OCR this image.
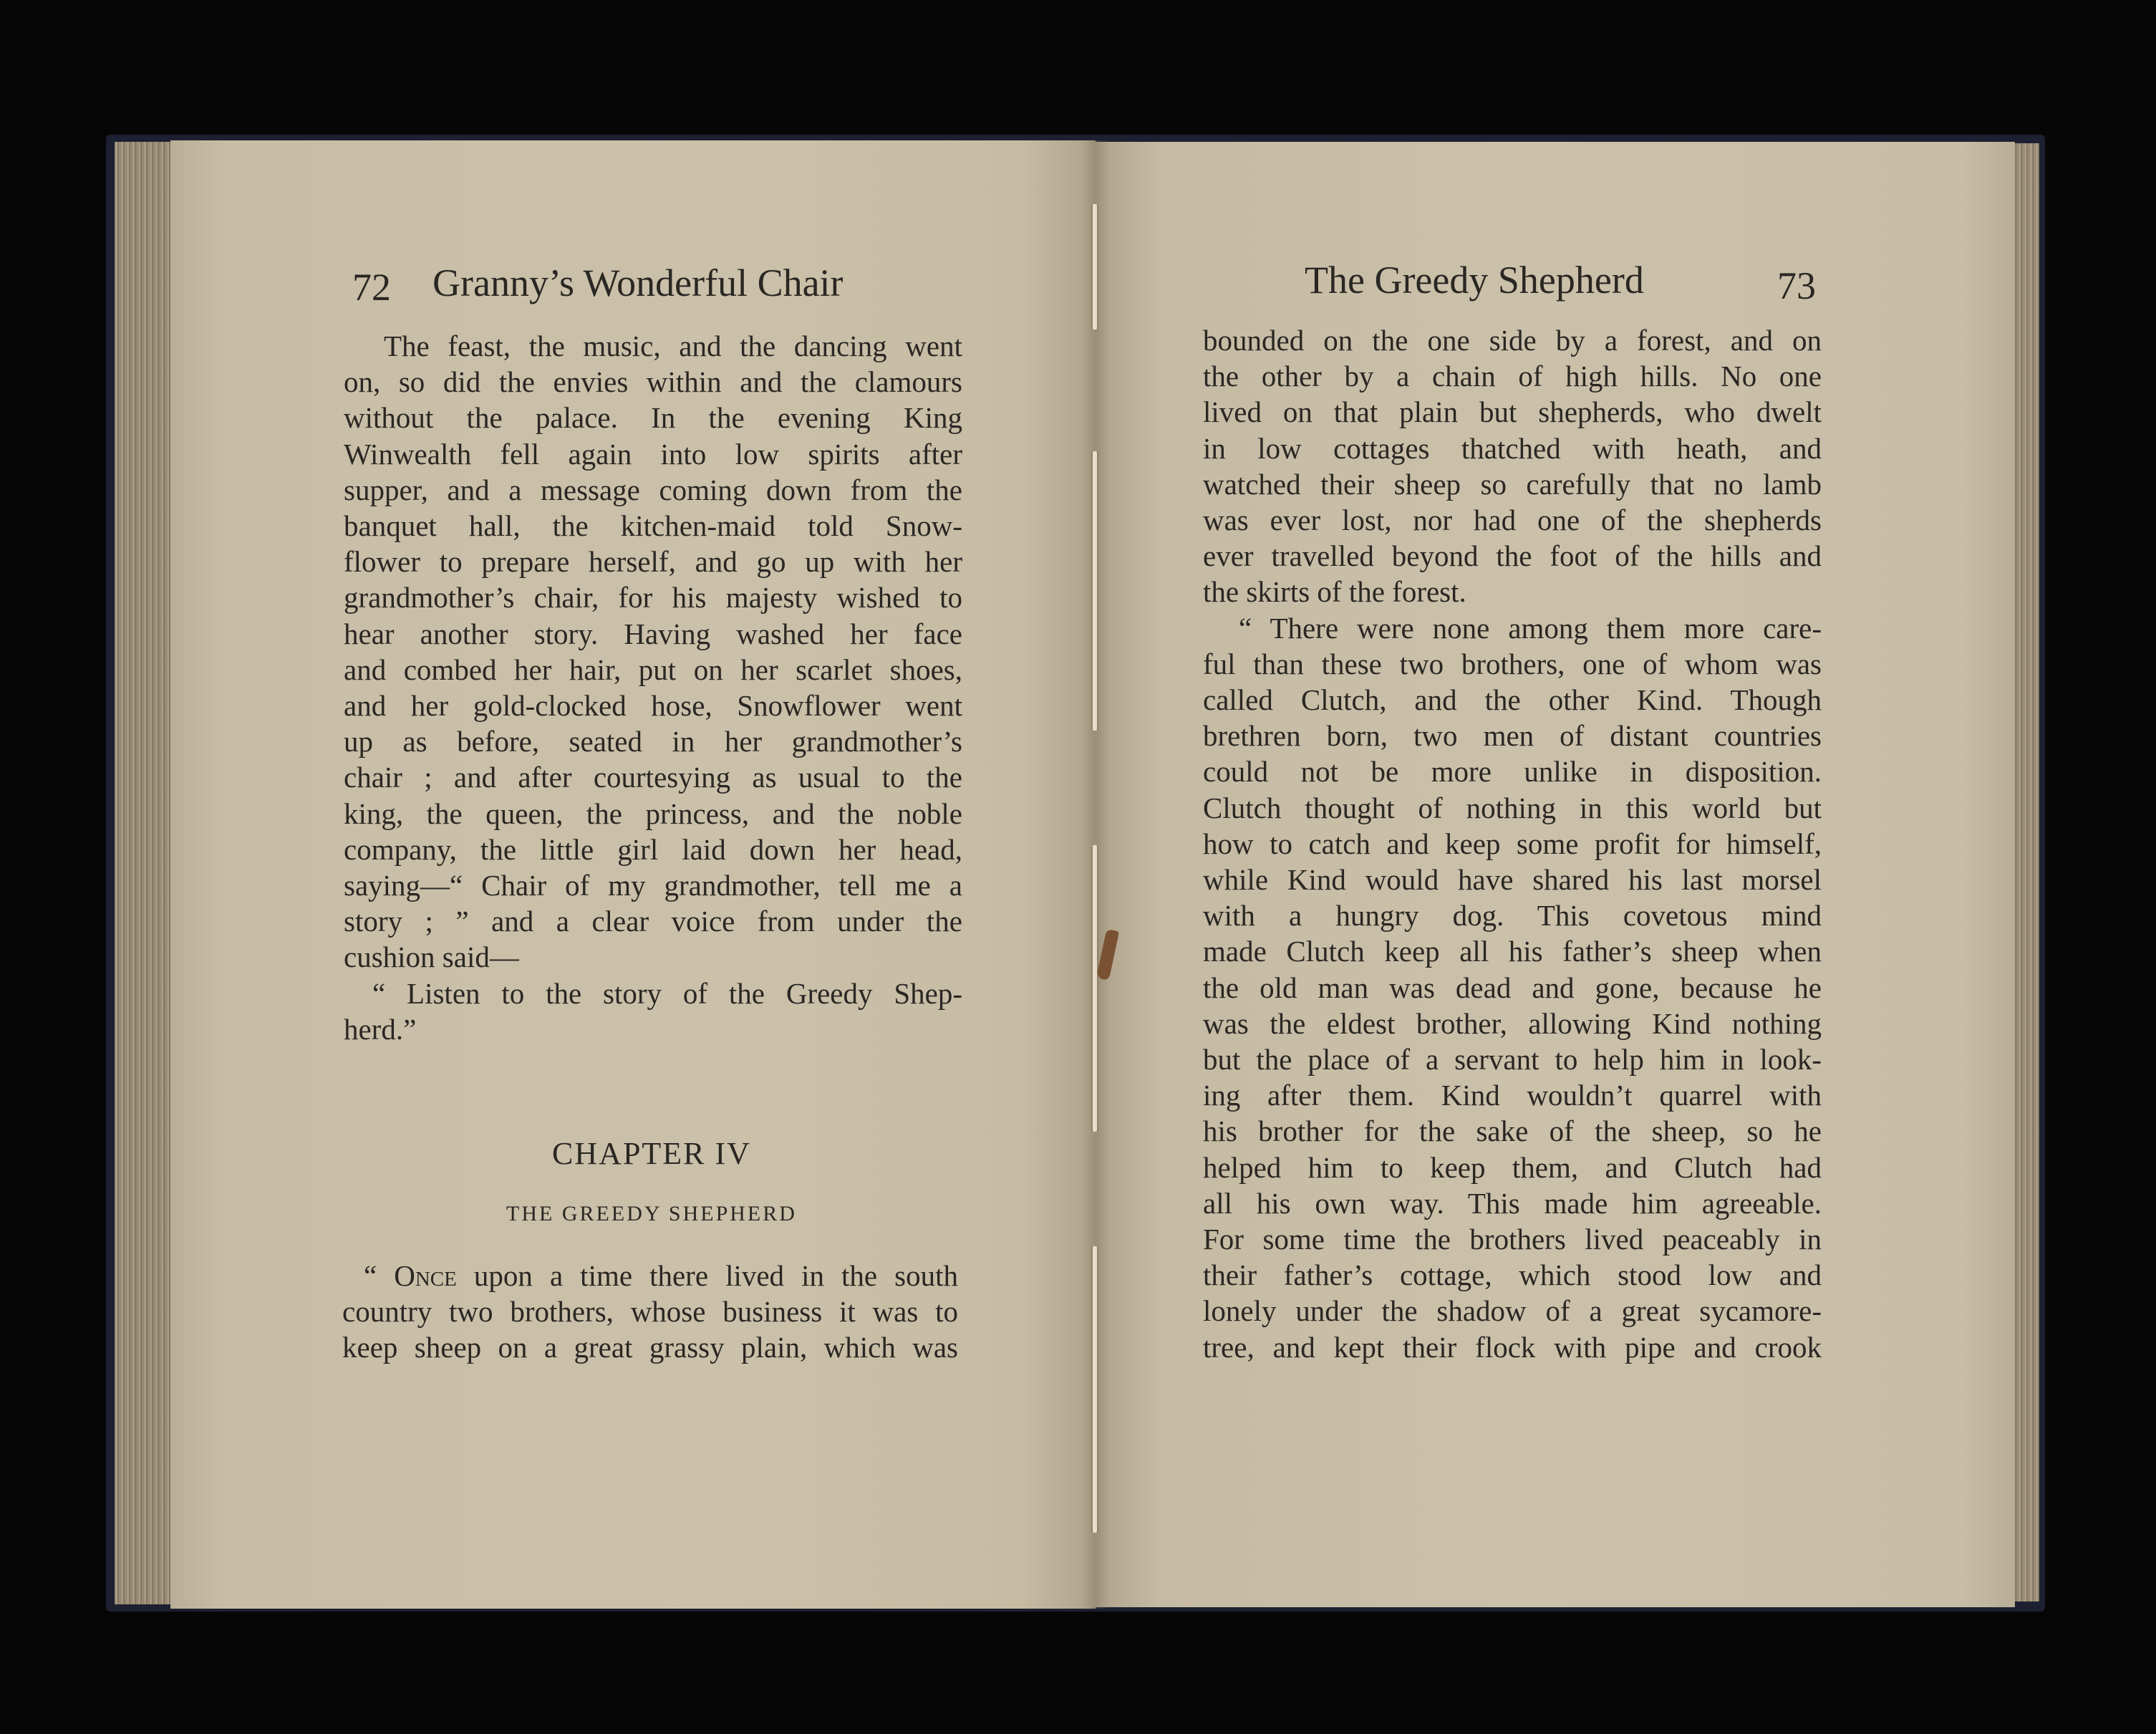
72 Granny’s Wonderful Chair	The Greedy Shepherd	73
The feast, the music, and the dancing went
on, so did the envies within and the clamours
without the palace. In the evening King
Winwealth fell again into low spirits after
supper, and a message coming down from the
banquet hall, the kitchen-maid told Snow-
flower to prepare herself, and go up with her
grandmother’s chair, for his majesty wished to
hear another story. Having washed her face
and combed her hair, put on her scarlet shoes,
and her gold-clocked hose, Snowflower went
up as before, seated in her grandmother’s
chair ; and after courtesying as usual to the
king, the queen, the princess, and the noble
company, the little girl laid down her head,
saying—“ Chair of my grandmother, tell me a
story ; ” and a clear voice from under the
cushion said—
“ Listen to the story of the Greedy Shep-
herd.”
CHAPTER IV
THE GREEDY SHEPHERD
“ Once upon a time there lived in the south
country two brothers, whose business it was to
keep sheep on a great grassy plain, which was
bounded on the one side by a forest, and on
the other by a chain of high hills. No one
lived on that plain but shepherds, who dwelt
in low cottages thatched with heath, and
watched their sheep so carefully that no lamb
was ever lost, nor had one of the shepherds
ever travelled beyond the foot of the hills and
the skirts of the forest.
“ There were none among them more care-
ful than these two brothers, one of whom was
called Clutch, and the other Kind. Though
brethren born, two men of distant countries
could not be more unlike in disposition.
Clutch thought of nothing in this world but
how to catch and keep some profit for himself,
while Kind would have shared his last morsel
with a hungry dog. This covetous mind
made Clutch keep all his father’s sheep when
the old man was dead and gone, because he
was the eldest brother, allowing Kind nothing
but the place of a servant to help him in look-
ing after them. Kind wouldn’t quarrel with
his brother for the sake of the sheep, so he
helped him to keep them, and Clutch had
all his own way. This made him agreeable.
For some time the brothers lived peaceably in
their father’s cottage, which stood low and
lonely under the shadow of a great sycamore-
tree, and kept their flock with pipe and crook
